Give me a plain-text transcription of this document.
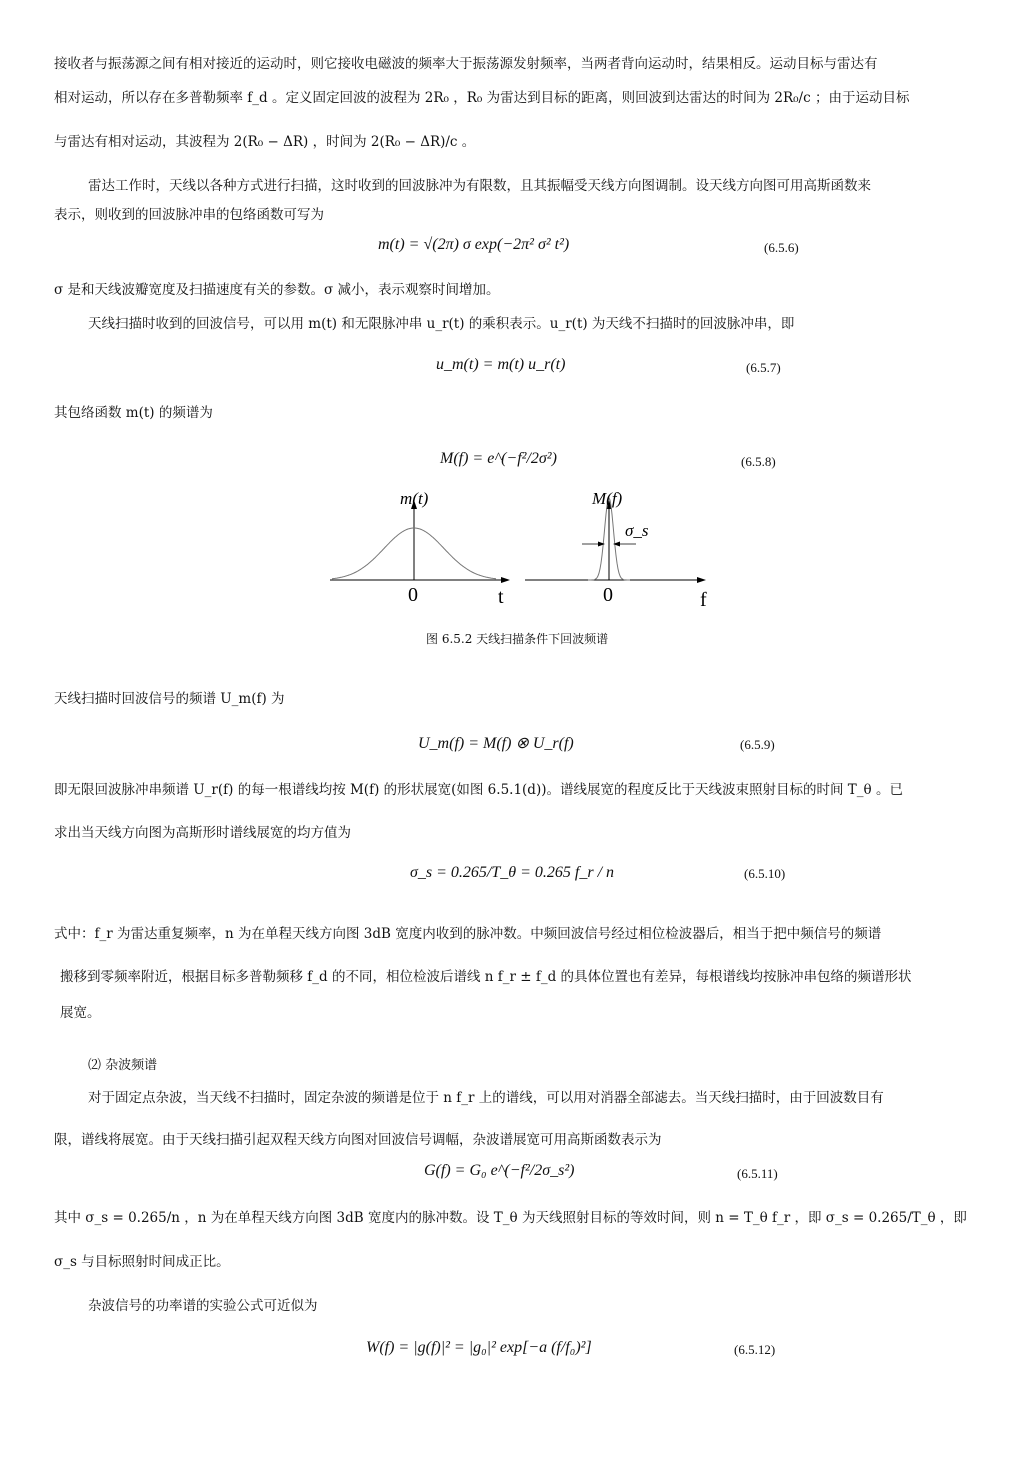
接收者与振荡源之间有相对接近的运动时，则它接收电磁波的频率大于振荡源发射频率，当两者背向运动时，结果相反。运动目标与雷达有
相对运动，所以存在多普勒频率 f_d 。定义固定回波的波程为 2R₀ ，R₀ 为雷达到目标的距离，则回波到达雷达的时间为 2R₀/c ；由于运动目标
与雷达有相对运动，其波程为 2(R₀ − ΔR) ，时间为 2(R₀ − ΔR)/c 。
雷达工作时，天线以各种方式进行扫描，这时收到的回波脉冲为有限数，且其振幅受天线方向图调制。设天线方向图可用高斯函数来
表示，则收到的回波脉冲串的包络函数可写为
m(t) = √(2π) σ exp(−2π² σ² t²)	(6.5.6)
σ 是和天线波瓣宽度及扫描速度有关的参数。σ 减小，表示观察时间增加。
天线扫描时收到的回波信号，可以用 m(t) 和无限脉冲串 u_r(t) 的乘积表示。u_r(t) 为天线不扫描时的回波脉冲串，即
u_m(t) = m(t) u_r(t)	(6.5.7)
其包络函数 m(t) 的频谱为
M(f) = e^(−f²/2σ²)	(6.5.8)
m(t)
0	t
σ_s
M(f)
0	f
图 6.5.2 天线扫描条件下回波频谱
天线扫描时回波信号的频谱 U_m(f) 为
U_m(f) = M(f) ⊗ U_r(f)	(6.5.9)
即无限回波脉冲串频谱 U_r(f) 的每一根谱线均按 M(f) 的形状展宽(如图 6.5.1(d))。谱线展宽的程度反比于天线波束照射目标的时间 T_θ 。已
求出当天线方向图为高斯形时谱线展宽的均方值为
σ_s = 0.265/T_θ = 0.265 f_r / n	(6.5.10)
式中：f_r 为雷达重复频率，n 为在单程天线方向图 3dB 宽度内收到的脉冲数。中频回波信号经过相位检波器后，相当于把中频信号的频谱
搬移到零频率附近，根据目标多普勒频移 f_d 的不同，相位检波后谱线 n f_r ± f_d 的具体位置也有差异，每根谱线均按脉冲串包络的频谱形状
展宽。
⑵ 杂波频谱
对于固定点杂波，当天线不扫描时，固定杂波的频谱是位于 n f_r 上的谱线，可以用对消器全部滤去。当天线扫描时，由于回波数目有
限，谱线将展宽。由于天线扫描引起双程天线方向图对回波信号调幅，杂波谱展宽可用高斯函数表示为
G(f) = G₀ e^(−f²/2σ_s²)	(6.5.11)
其中 σ_s = 0.265/n ，n 为在单程天线方向图 3dB 宽度内的脉冲数。设 T_θ 为天线照射目标的等效时间，则 n = T_θ f_r ，即 σ_s = 0.265/T_θ ，即
σ_s 与目标照射时间成正比。
杂波信号的功率谱的实验公式可近似为
W(f) = |g(f)|² = |g₀|² exp[−a (f/f₀)²]	(6.5.12)
